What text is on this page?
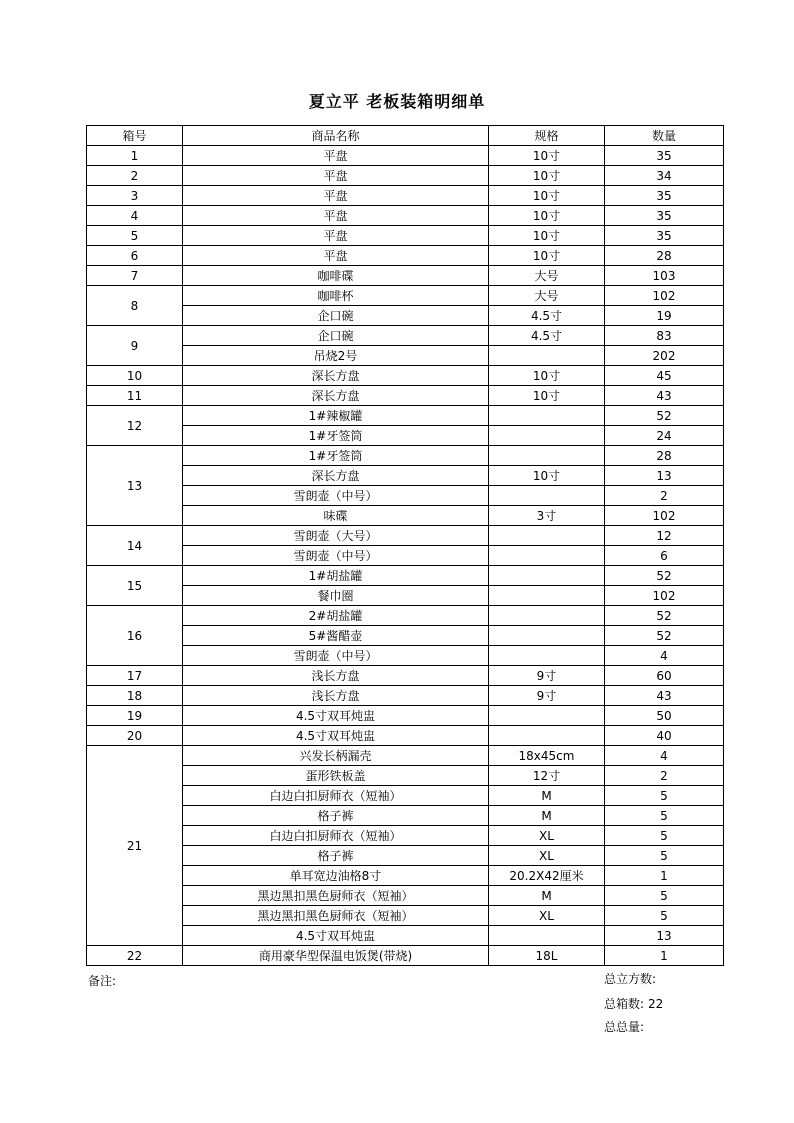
夏立平 老板装箱明细单
箱号	商品名称	规格	数量
1	平盘	10寸	35
2	平盘	10寸	34
3	平盘	10寸	35
4	平盘	10寸	35
5	平盘	10寸	35
6	平盘	10寸	28
7	咖啡碟	大号	103
8	咖啡杯	大号	102
	企口碗	4.5寸	19
9	企口碗	4.5寸	83
	吊烧2号		202
10	深长方盘	10寸	45
11	深长方盘	10寸	43
12	1#辣椒罐		52
	1#牙签筒		24
13	1#牙签筒		28
	深长方盘	10寸	13
	雪朗壶（中号）		2
	味碟	3寸	102
14	雪朗壶（大号）		12
	雪朗壶（中号）		6
15	1#胡盐罐		52
	餐巾圈		102
16	2#胡盐罐		52
	5#酱醋壶		52
	雪朗壶（中号）		4
17	浅长方盘	9寸	60
18	浅长方盘	9寸	43
19	4.5寸双耳炖盅		50
20	4.5寸双耳炖盅		40
21	兴发长柄漏壳	18x45cm	4
	蛋形铁板盖	12寸	2
	白边白扣厨师衣（短袖）	M	5
	格子裤	M	5
	白边白扣厨师衣（短袖）	XL	5
	格子裤	XL	5
	单耳宽边油格8寸	20.2X42厘米	1
	黑边黑扣黑色厨师衣（短袖）	M	5
	黑边黑扣黑色厨师衣（短袖）	XL	5
	4.5寸双耳炖盅		13
22	商用豪华型保温电饭煲(带烧)	18L	1
备注:	总立方数:
总箱数: 22
总总量:
